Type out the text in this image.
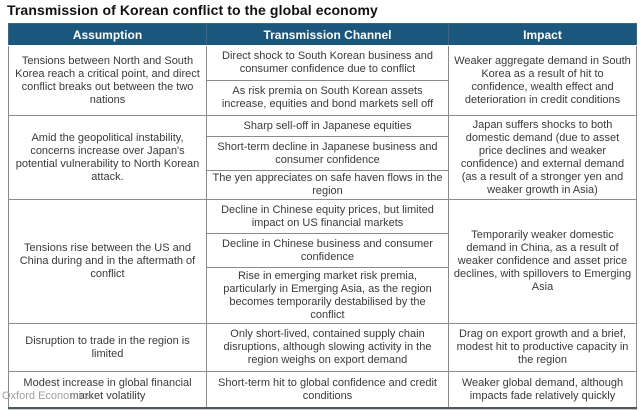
Transmission of Korean conflict to the global economy
Assumption	Transmission Channel	Impact
Tensions between North and South Korea reach a critical point, and direct conflict breaks out between the two nations	Direct shock to South Korean business and consumer confidence due to conflict	Weaker aggregate demand in South Korea as a result of hit to confidence, wealth effect and deterioration in credit conditions
	As risk premia on South Korean assets increase, equities and bond markets sell off	
Amid the geopolitical instability, concerns increase over Japan's potential vulnerability to North Korean attack.	Sharp sell-off in Japanese equities	Japan suffers shocks to both domestic demand (due to asset price declines and weaker confidence) and external demand (as a result of a stronger yen and weaker growth in Asia)
	Short-term decline in Japanese business and consumer confidence	
	The yen appreciates on safe haven flows in the region	
Tensions rise between the US and China during and in the aftermath of conflict	Decline in Chinese equity prices, but limited impact on US financial markets	Temporarily weaker domestic demand in China, as a result of weaker confidence and asset price declines, with spillovers to Emerging Asia
	Decline in Chinese business and consumer confidence	
	Rise in emerging market risk premia, particularly in Emerging Asia, as the region becomes temporarily destabilised by the conflict	
Disruption to trade in the region is limited	Only short-lived, contained supply chain disruptions, although slowing activity in the region weighs on export demand	Drag on export growth and a brief, modest hit to productive capacity in the region
Modest increase in global financial market volatility	Short-term hit to global confidence and credit conditions	Weaker global demand, although impacts fade relatively quickly
Oxford Economics
